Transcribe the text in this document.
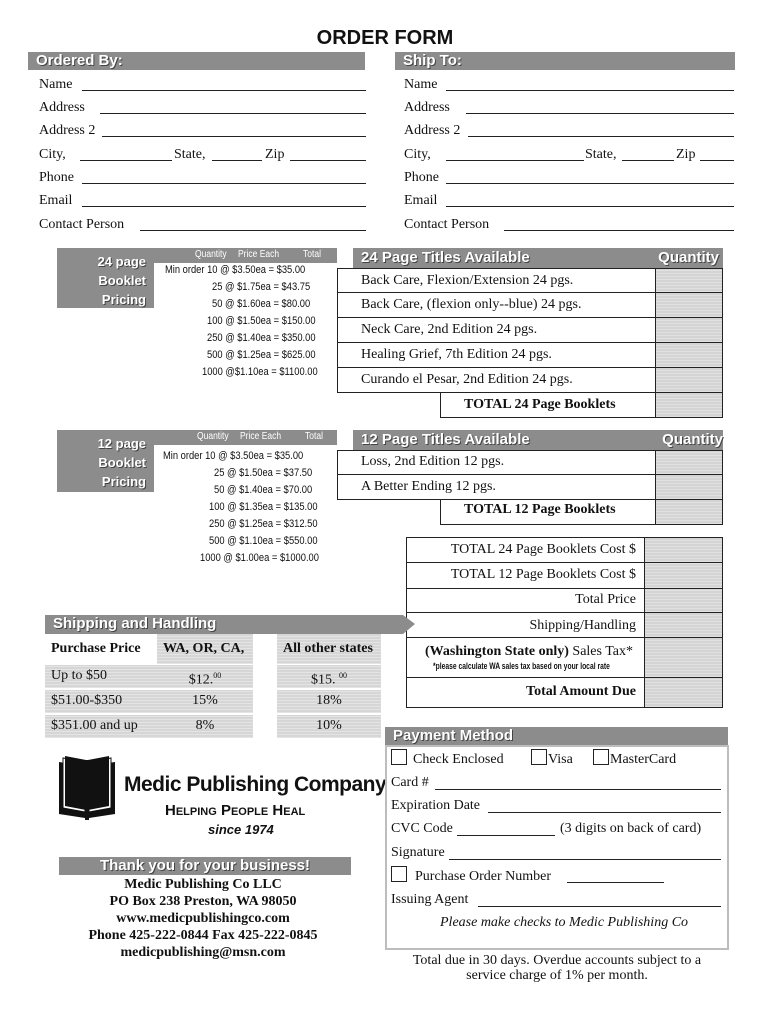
ORDER FORM
Ordered By:
Name
Address
Address 2
City,	State,	Zip
Phone
Email
Contact Person
Ship To:
Name
Address
Address 2
City,	State,	Zip
Phone
Email
Contact Person
24 page
Booklet
Pricing
Quantity Price Each Total
Min order 10 @ $3.50ea = $35.00
25 @ $1.75ea = $43.75
50 @ $1.60ea = $80.00
100 @ $1.50ea = $150.00
250 @ $1.40ea = $350.00
500 @ $1.25ea = $625.00
1000 @$1.10ea = $1100.00
24 Page Titles Available	Quantity
Back Care, Flexion/Extension 24 pgs.
Back Care, (flexion only--blue) 24 pgs.
Neck Care, 2nd Edition 24 pgs.
Healing Grief, 7th Edition 24 pgs.
Curando el Pesar, 2nd Edition 24 pgs.
TOTAL 24 Page Booklets
12 page
Booklet
Pricing
Quantity Price Each Total
Min order 10 @ $3.50ea = $35.00
25 @ $1.50ea = $37.50
50 @ $1.40ea = $70.00
100 @ $1.35ea = $135.00
250 @ $1.25ea = $312.50
500 @ $1.10ea = $550.00
1000 @ $1.00ea = $1000.00
12 Page Titles Available	Quantity
Loss, 2nd Edition 12 pgs.
A Better Ending 12 pgs.
TOTAL 12 Page Booklets
TOTAL 24 Page Booklets Cost $
TOTAL 12 Page Booklets Cost $
Total Price
Shipping/Handling
(Washington State only) Sales Tax*
*please calculate WA sales tax based on your local rate
Total Amount Due
Shipping and Handling
Purchase Price	WA, OR, CA,	All other states
Up to $50	$12.00	$15. $^{00}$
$51.00-$350	15%	18%
$351.00 and up	8%	10%
Medic Publishing Company
Helping People Heal
since 1974
Thank you for your business!
Medic Publishing Co LLC
PO Box 238 Preston, WA 98050
www.medicpublishingco.com
Phone 425-222-0844 Fax 425-222-0845
medicpublishing@msn.com
Payment Method
Check Enclosed	Visa	MasterCard
Card #
Expiration Date
CVC Code	(3 digits on back of card)
Signature
Purchase Order Number
Issuing Agent
Please make checks to Medic Publishing Co
Total due in 30 days. Overdue accounts subject to a
service charge of 1% per month.
